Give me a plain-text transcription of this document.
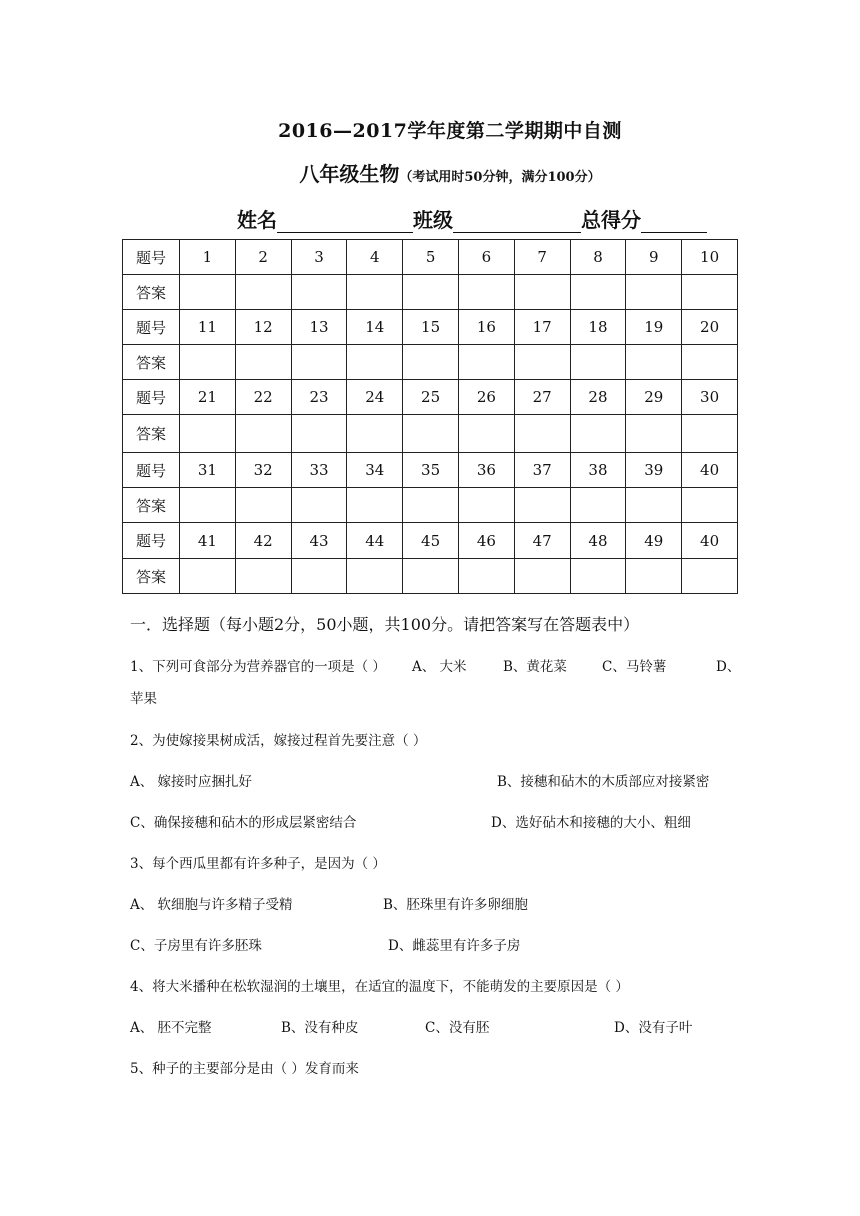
2016—2017学年度第二学期期中自测
八年级生物（考试用时50分钟，满分100分）
姓名	班级	总得分
题号	1	2	3	4	5	6	7	8	9	10
答案										
题号	11	12	13	14	15	16	17	18	19	20
答案										
题号	21	22	23	24	25	26	27	28	29	30
答案										
题号	31	32	33	34	35	36	37	38	39	40
答案										
题号	41	42	43	44	45	46	47	48	49	40
答案										
一．选择题（每小题2分，50小题，共100分。请把答案写在答题表中）
1、下列可食部分为营养器官的一项是（ ） A、 大米	B、黄花菜	C、马铃薯	D、
苹果
2、为使嫁接果树成活，嫁接过程首先要注意（ ）
A、 嫁接时应捆扎好	B、接穗和砧木的木质部应对接紧密
C、确保接穗和砧木的形成层紧密结合	D、选好砧木和接穗的大小、粗细
3、每个西瓜里都有许多种子，是因为（ ）
A、 软细胞与许多精子受精	B、胚珠里有许多卵细胞
C、子房里有许多胚珠	D、雌蕊里有许多子房
4、将大米播种在松软湿润的土壤里，在适宜的温度下，不能萌发的主要原因是（ ）
A、 胚不完整	B、没有种皮	C、没有胚	D、没有子叶
5、种子的主要部分是由（ ）发育而来
